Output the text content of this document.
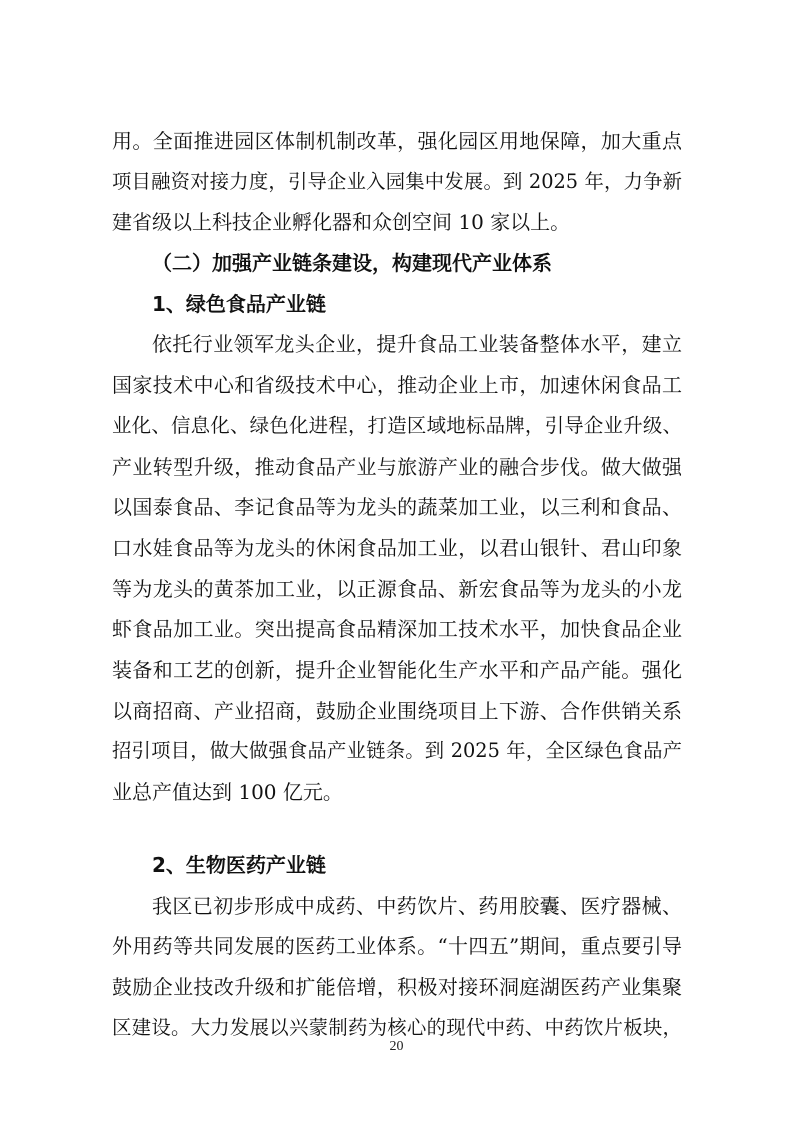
用。全面推进园区体制机制改革，强化园区用地保障，加大重点
项目融资对接力度，引导企业入园集中发展。到 2025 年，力争新
建省级以上科技企业孵化器和众创空间 10 家以上。
（二）加强产业链条建设，构建现代产业体系
1、绿色食品产业链
依托行业领军龙头企业，提升食品工业装备整体水平，建立
国家技术中心和省级技术中心，推动企业上市，加速休闲食品工
业化、信息化、绿色化进程，打造区域地标品牌，引导企业升级、
产业转型升级，推动食品产业与旅游产业的融合步伐。做大做强
以国泰食品、李记食品等为龙头的蔬菜加工业，以三利和食品、
口水娃食品等为龙头的休闲食品加工业，以君山银针、君山印象
等为龙头的黄茶加工业，以正源食品、新宏食品等为龙头的小龙
虾食品加工业。突出提高食品精深加工技术水平，加快食品企业
装备和工艺的创新，提升企业智能化生产水平和产品产能。强化
以商招商、产业招商，鼓励企业围绕项目上下游、合作供销关系
招引项目，做大做强食品产业链条。到 2025 年，全区绿色食品产
业总产值达到 100 亿元。
2、生物医药产业链
我区已初步形成中成药、中药饮片、药用胶囊、医疗器械、
外用药等共同发展的医药工业体系。“十四五”期间，重点要引导
鼓励企业技改升级和扩能倍增，积极对接环洞庭湖医药产业集聚
区建设。大力发展以兴蒙制药为核心的现代中药、中药饮片板块，
20
